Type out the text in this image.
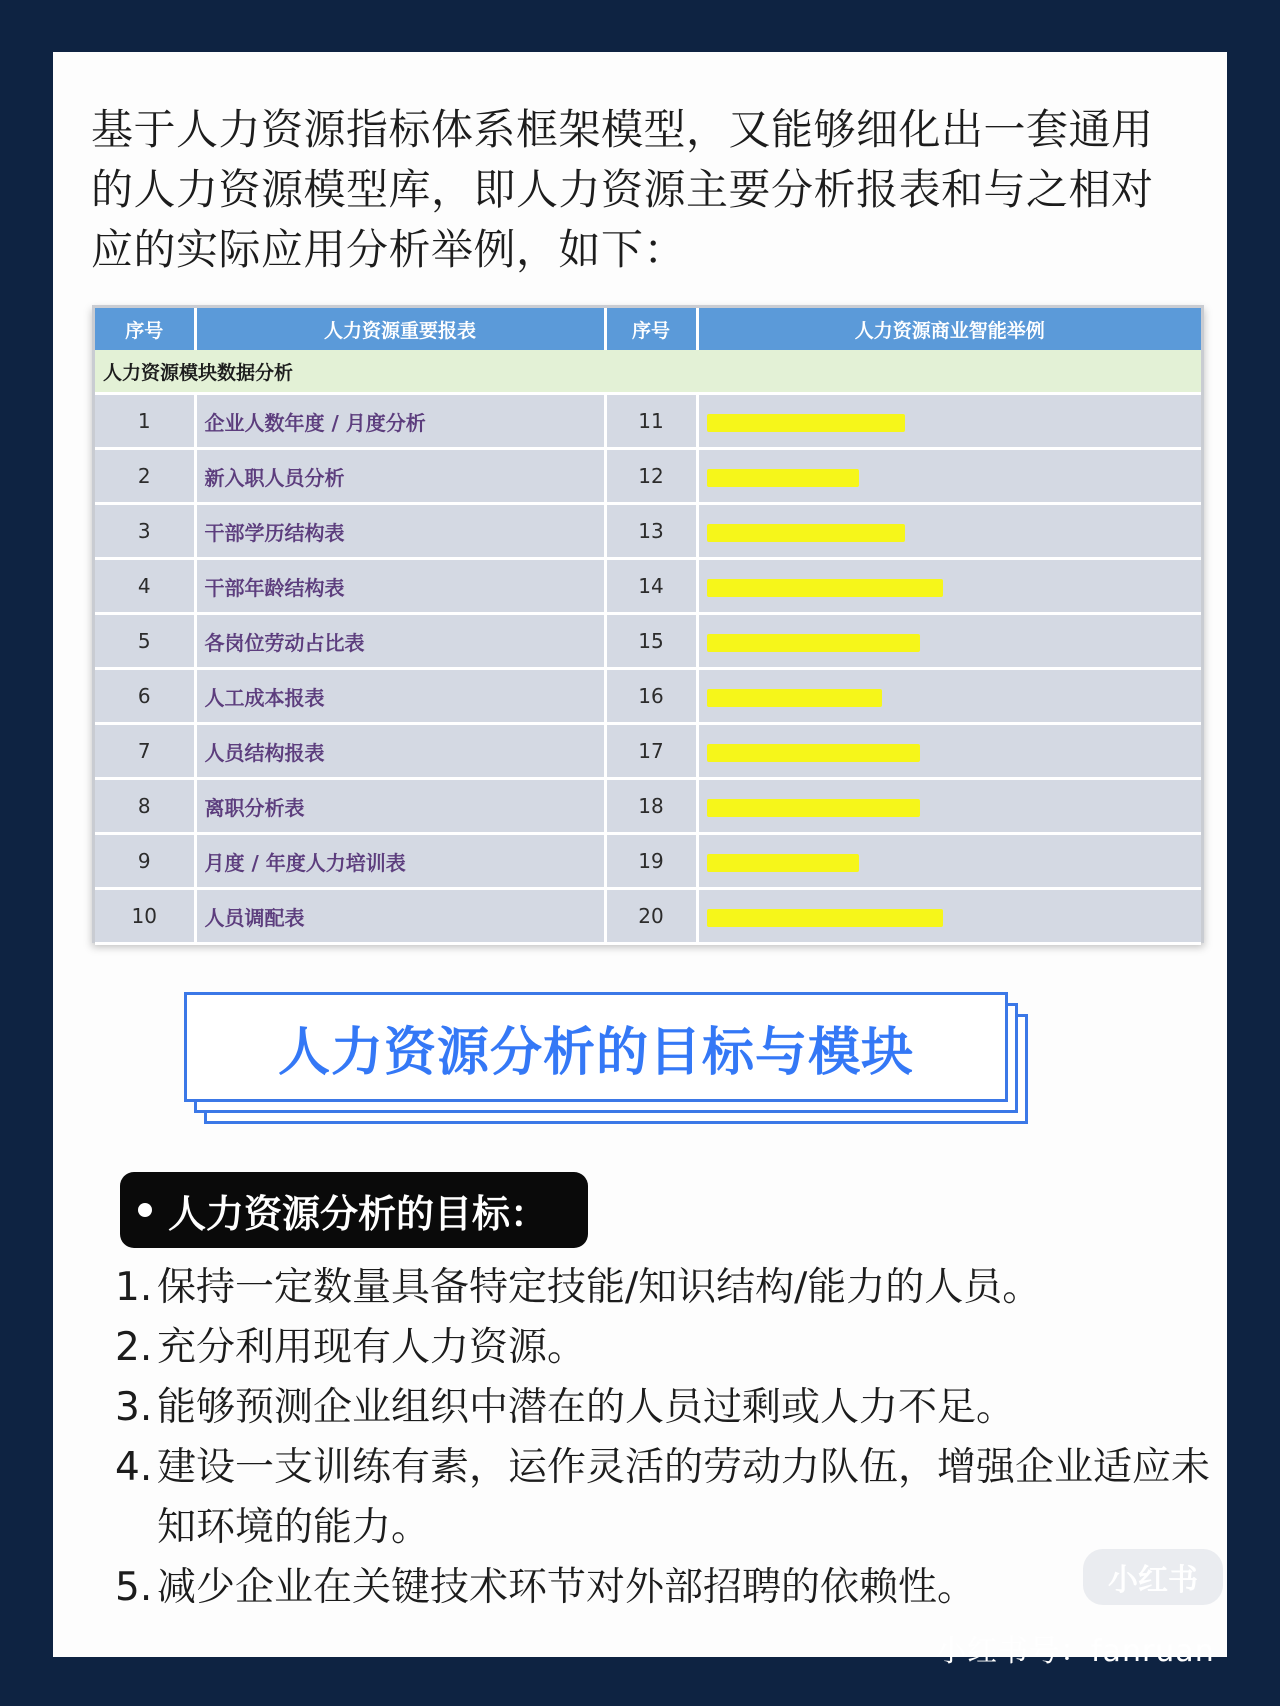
基于人力资源指标体系框架模型，又能够细化出一套通用的人力资源模型库，即人力资源主要分析报表和与之相对应的实际应用分析举例，如下：

序号	人力资源重要报表	序号	人力资源商业智能举例
人力资源模块数据分析			
1	企业人数年度 / 月度分析	11	
2	新入职人员分析	12	
3	干部学历结构表	13	
4	干部年龄结构表	14	
5	各岗位劳动占比表	15	
6	人工成本报表	16	
7	人员结构报表	17	
8	离职分析表	18	
9	月度 / 年度人力培训表	19	
10	人员调配表	20	
人力资源分析的目标与模块
人力资源分析的目标：
1. 保持一定数量具备特定技能/知识结构/能力的人员。
2. 充分利用现有人力资源。
3. 能够预测企业组织中潜在的人员过剩或人力不足。
4. 建设一支训练有素，运作灵活的劳动力队伍，增强企业适应未知环境的能力。
5. 减少企业在关键技术环节对外部招聘的依赖性。	小红书
小红书号：fanruan
